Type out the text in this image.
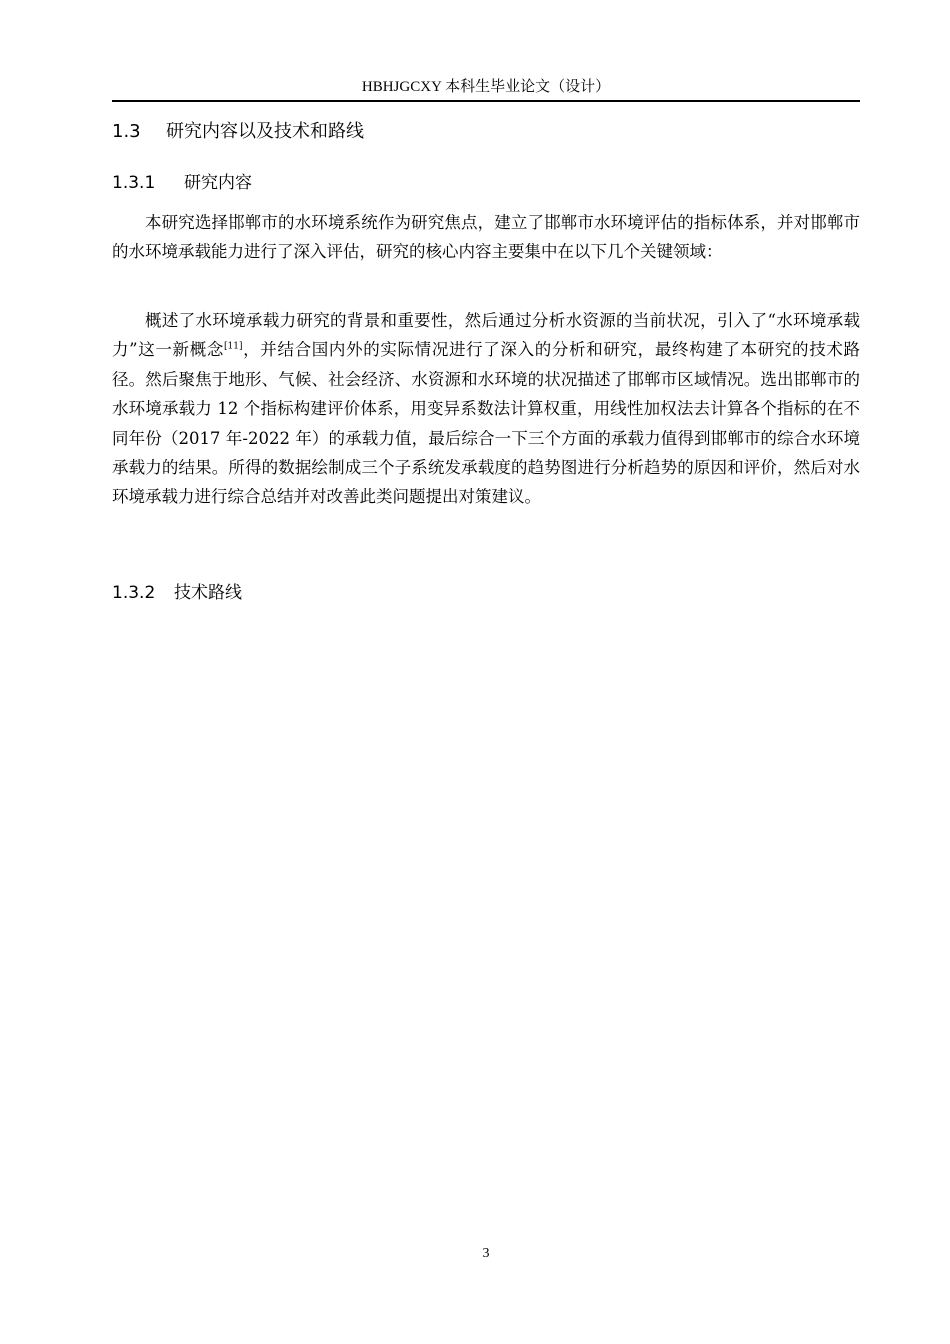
HBHJGCXY 本科生毕业论文（设计）
1.3 研究内容以及技术和路线
1.3.1 研究内容

本研究选择邯郸市的水环境系统作为研究焦点，建立了邯郸市水环境评估的指标体系，并对邯郸市的水环境承载能力进行了深入评估，研究的核心内容主要集中在以下几个关键领域：

概述了水环境承载力研究的背景和重要性，然后通过分析水资源的当前状况，引入了“水环境承载力”这一新概念[11]，并结合国内外的实际情况进行了深入的分析和研究，最终构建了本研究的技术路径。然后聚焦于地形、气候、社会经济、水资源和水环境的状况描述了邯郸市区域情况。选出邯郸市的水环境承载力 12 个指标构建评价体系，用变异系数法计算权重，用线性加权法去计算各个指标的在不同年份（2017 年-2022 年）的承载力值，最后综合一下三个方面的承载力值得到邯郸市的综合水环境承载力的结果。所得的数据绘制成三个子系统发承载度的趋势图进行分析趋势的原因和评价，然后对水环境承载力进行综合总结并对改善此类问题提出对策建议。

1.3.2 技术路线
3
